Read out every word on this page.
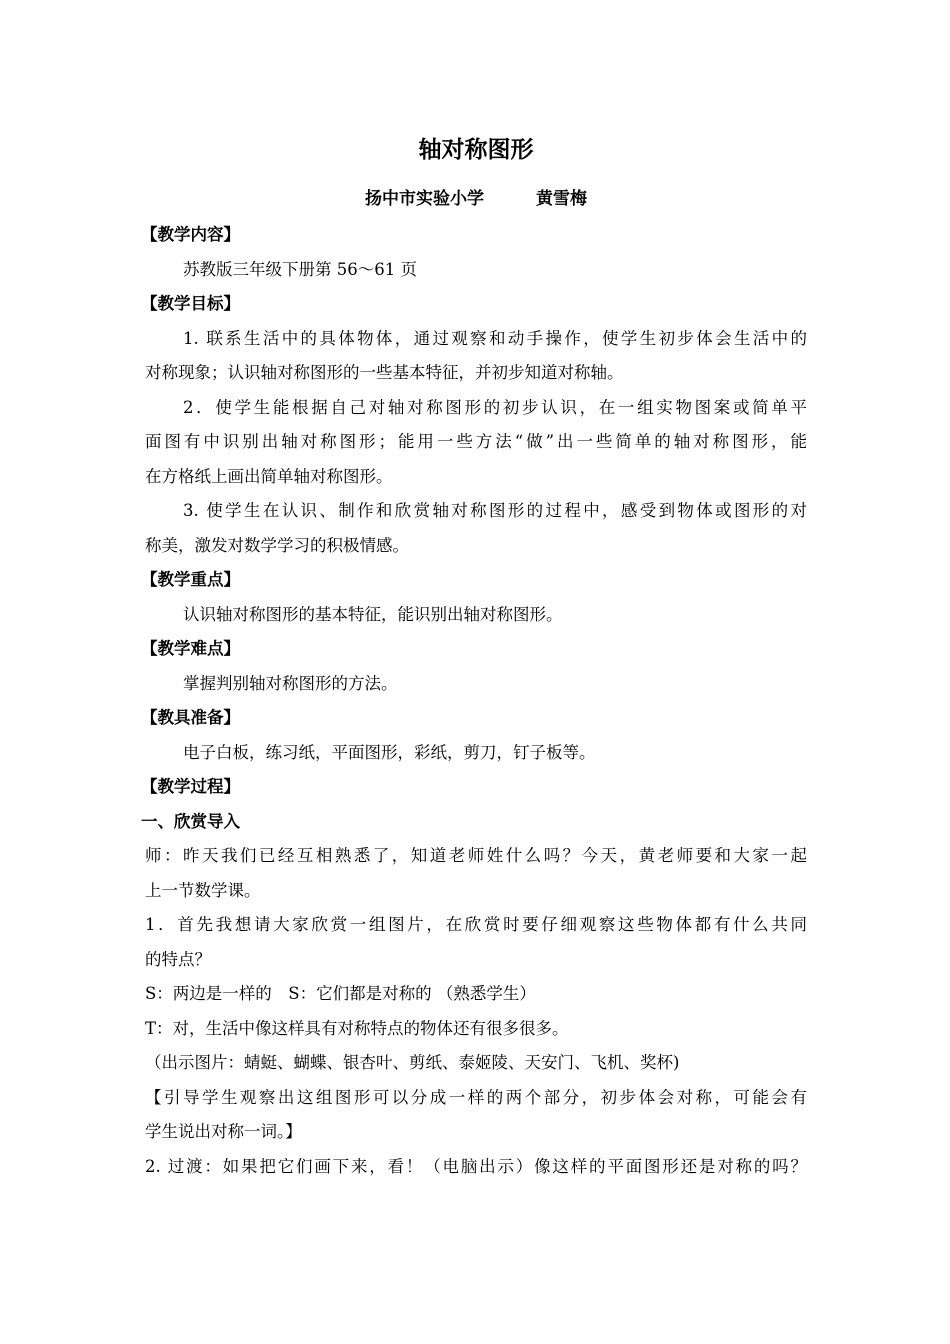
轴对称图形
扬中市实验小学	黄雪梅
【教学内容】
苏教版三年级下册第 56～61 页
【教学目标】
1. 联系生活中的具体物体，通过观察和动手操作，使学生初步体会生活中的
对称现象；认识轴对称图形的一些基本特征，并初步知道对称轴。
2．使学生能根据自己对轴对称图形的初步认识，在一组实物图案或简单平
面图有中识别出轴对称图形；能用一些方法“做”出一些简单的轴对称图形，能
在方格纸上画出简单轴对称图形。
3. 使学生在认识、制作和欣赏轴对称图形的过程中，感受到物体或图形的对
称美，激发对数学学习的积极情感。
【教学重点】
认识轴对称图形的基本特征，能识别出轴对称图形。
【教学难点】
掌握判别轴对称图形的方法。
【教具准备】
电子白板，练习纸，平面图形，彩纸，剪刀，钉子板等。
【教学过程】
一、欣赏导入
师：昨天我们已经互相熟悉了，知道老师姓什么吗？今天，黄老师要和大家一起
上一节数学课。
1．首先我想请大家欣赏一组图片，在欣赏时要仔细观察这些物体都有什么共同
的特点？
S：两边是一样的　S：它们都是对称的 （熟悉学生）
T：对，生活中像这样具有对称特点的物体还有很多很多。
（出示图片：蜻蜓、蝴蝶、银杏叶、剪纸、泰姬陵、天安门、飞机、奖杯)
【引导学生观察出这组图形可以分成一样的两个部分，初步体会对称，可能会有
学生说出对称一词。】
2. 过渡：如果把它们画下来，看！（电脑出示）像这样的平面图形还是对称的吗？
